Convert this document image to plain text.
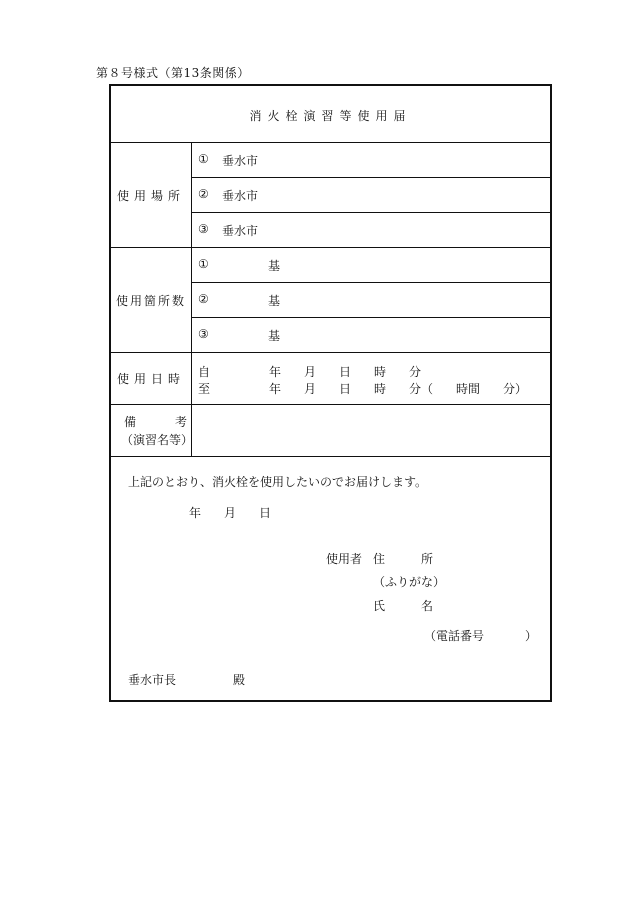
第８号様式（第13条関係）
消火栓演習等使用届
使用場所
① 垂水市
② 垂水市
③ 垂水市
使用箇所数
①	基
②	基
③	基
使用日時	自	年 月 日 時 分
至	年 月 日 時 分 （ 時間 分）
備	考
（演習名等）
上記のとおり、消火栓を使用したいのでお届けします。
年 月 日
使用者 住	所
（ふりがな）
氏	名
（電話番号	）
垂水市長	殿
